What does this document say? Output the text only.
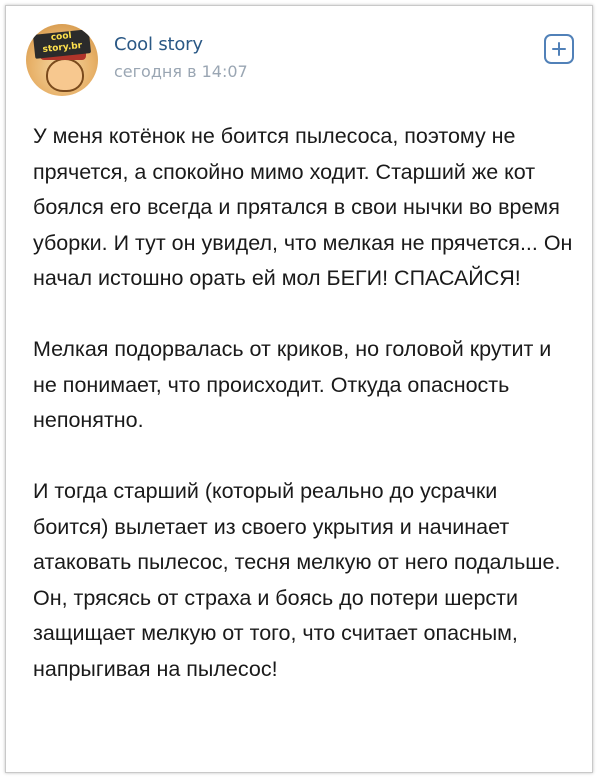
cool story.br	Cool story
сегодня в 14:07

У меня котёнок не боится пылесоса, поэтому не прячется, а спокойно мимо ходит. Старший же кот боялся его всегда и прятался в свои нычки во время уборки. И тут он увидел, что мелкая не прячется... Он начал истошно орать ей мол БЕГИ! СПАСАЙСЯ!

Мелкая подорвалась от криков, но головой крутит и не понимает, что происходит. Откуда опасность непонятно.

И тогда старший (который реально до усрачки боится) вылетает из своего укрытия и начинает атаковать пылесос, тесня мелкую от него подальше. Он, трясясь от страха и боясь до потери шерсти защищает мелкую от того, что считает опасным, напрыгивая на пылесос!
